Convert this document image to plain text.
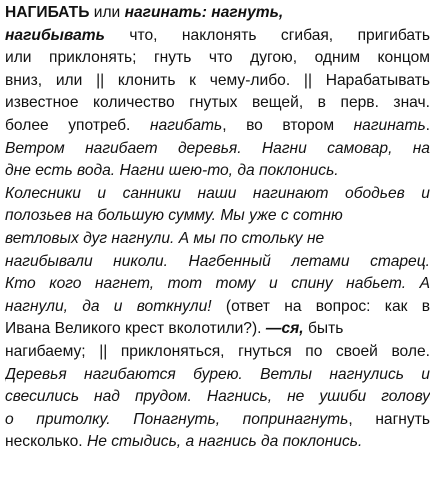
НАГИБАТЬ или нагинать: нагнуть,
нагибывать что, наклонять сгибая, пригибать
или приклонять; гнуть что дугою, одним концом
вниз, или || клонить к чему-либо. || Нарабатывать
известное количество гнутых вещей, в перв. знач.
более употреб. нагибать, во втором нагинать.
Ветром нагибает деревья. Нагни самовар, на
дне есть вода. Нагни шею-то, да поклонись.
Колесники и санники наши нагинают ободьев и
полозьев на большую сумму. Мы уже с сотню
ветловых дуг нагнули. А мы по стольку не
нагибывали николи. Нагбенный летами старец.
Кто кого нагнет, тот тому и спину набьет. А
нагнули, да и воткнули! (ответ на вопрос: как в
Ивана Великого крест вколотили?). —ся, быть
нагибаему; || приклоняться, гнуться по своей воле.
Деревья нагибаются бурею. Ветлы нагнулись и
свесились над прудом. Нагнись, не ушиби голову
о притолку. Понагнуть, попринагнуть, нагнуть
несколько. Не стыдись, а нагнись да поклонись.
